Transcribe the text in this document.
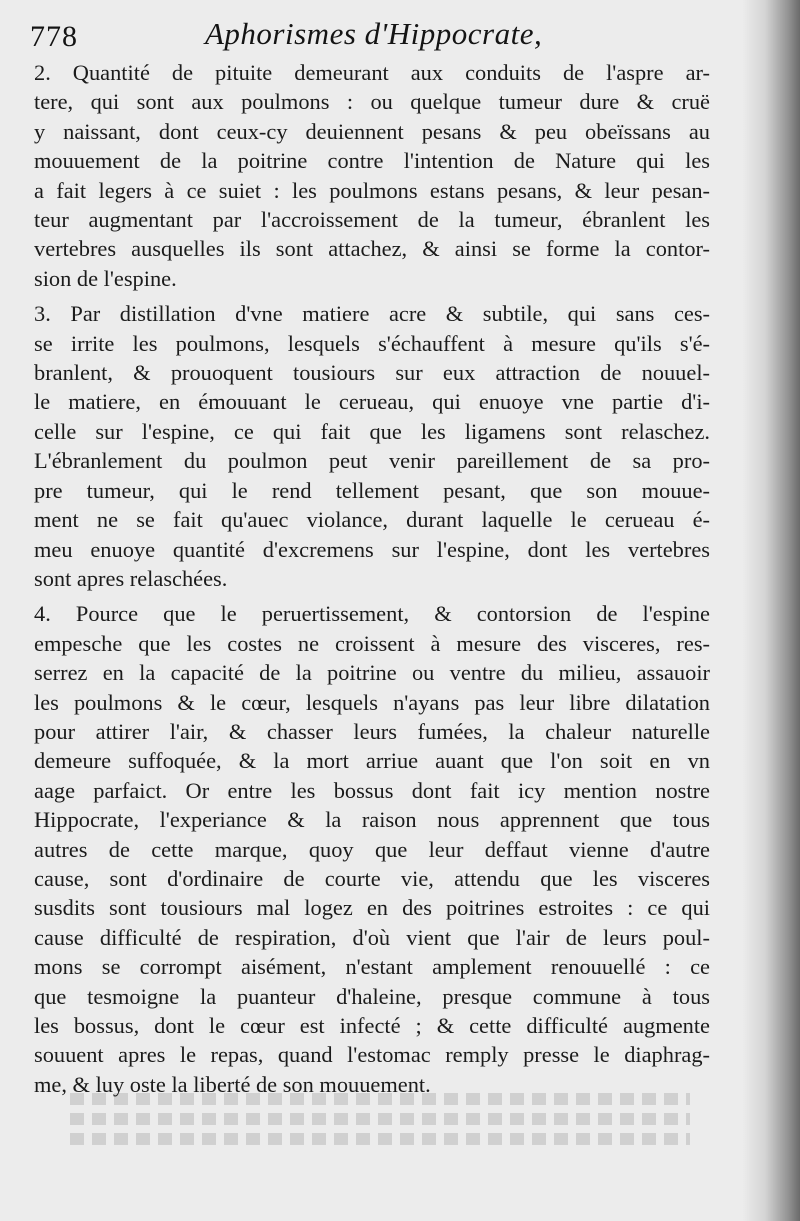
778	Aphorismes d'Hippocrate,
2. Quantité de pituite demeurant aux conduits de l'aspre ar-
tere, qui sont aux poulmons : ou quelque tumeur dure & cruë
y naissant, dont ceux-cy deuiennent pesans & peu obeïssans au
mouuement de la poitrine contre l'intention de Nature qui les
a fait legers à ce suiet : les poulmons estans pesans, & leur pesan-
teur augmentant par l'accroissement de la tumeur, ébranlent les
vertebres ausquelles ils sont attachez, & ainsi se forme la contor-
sion de l'espine.
3. Par distillation d'vne matiere acre & subtile, qui sans ces-
se irrite les poulmons, lesquels s'échauffent à mesure qu'ils s'é-
branlent, & prouoquent tousiours sur eux attraction de nouuel-
le matiere, en émouuant le cerueau, qui enuoye vne partie d'i-
celle sur l'espine, ce qui fait que les ligamens sont relaschez.
L'ébranlement du poulmon peut venir pareillement de sa pro-
pre tumeur, qui le rend tellement pesant, que son mouue-
ment ne se fait qu'auec violance, durant laquelle le cerueau é-
meu enuoye quantité d'excremens sur l'espine, dont les vertebres
sont apres relaschées.
4. Pource que le peruertissement, & contorsion de l'espine
empesche que les costes ne croissent à mesure des visceres, res-
serrez en la capacité de la poitrine ou ventre du milieu, assauoir
les poulmons & le cœur, lesquels n'ayans pas leur libre dilatation
pour attirer l'air, & chasser leurs fumées, la chaleur naturelle
demeure suffoquée, & la mort arriue auant que l'on soit en vn
aage parfaict. Or entre les bossus dont fait icy mention nostre
Hippocrate, l'experiance & la raison nous apprennent que tous
autres de cette marque, quoy que leur deffaut vienne d'autre
cause, sont d'ordinaire de courte vie, attendu que les visceres
susdits sont tousiours mal logez en des poitrines estroites : ce qui
cause difficulté de respiration, d'où vient que l'air de leurs poul-
mons se corrompt aisément, n'estant amplement renouuellé : ce
que tesmoigne la puanteur d'haleine, presque commune à tous
les bossus, dont le cœur est infecté ; & cette difficulté augmente
souuent apres le repas, quand l'estomac remply presse le diaphrag-
me, & luy oste la liberté de son mouuement.
